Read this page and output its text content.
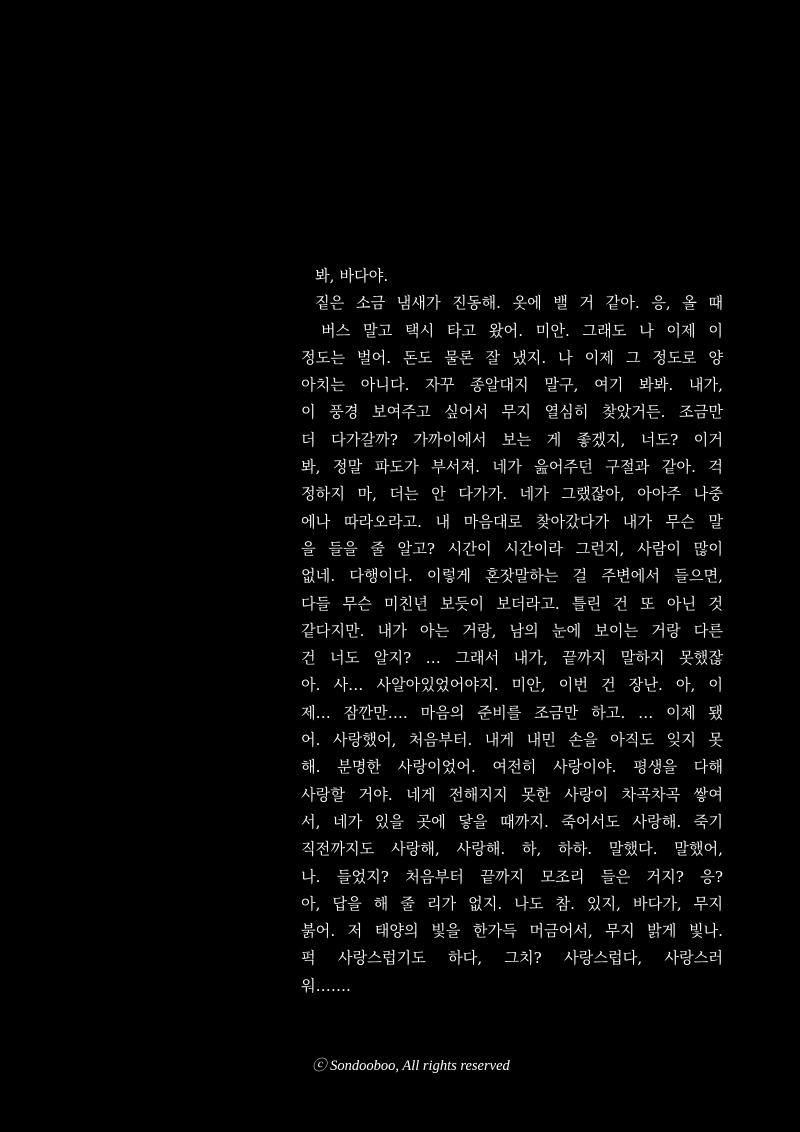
봐, 바다야.
짙은 소금 냄새가 진동해. 옷에 밸 거 같아. 응, 올 때
버스 말고 택시 타고 왔어. 미안. 그래도 나 이제 이
정도는 벌어. 돈도 물론 잘 냈지. 나 이제 그 정도로 양
아치는 아니다. 자꾸 종알대지 말구, 여기 봐봐. 내가,
이 풍경 보여주고 싶어서 무지 열심히 찾았거든. 조금만
더 다가갈까? 가까이에서 보는 게 좋겠지, 너도? 이거
봐, 정말 파도가 부서져. 네가 읊어주던 구절과 같아. 걱
정하지 마, 더는 안 다가가. 네가 그랬잖아, 아아주 나중
에나 따라오라고. 내 마음대로 찾아갔다가 내가 무슨 말
을 들을 줄 알고? 시간이 시간이라 그런지, 사람이 많이
없네. 다행이다. 이렇게 혼잣말하는 걸 주변에서 들으면,
다들 무슨 미친년 보듯이 보더라고. 틀린 건 또 아닌 것
같다지만. 내가 아는 거랑, 남의 눈에 보이는 거랑 다른
건 너도 알지? … 그래서 내가, 끝까지 말하지 못했잖
아. 사… 사알아있었어야지. 미안, 이번 건 장난. 아, 이
제… 잠깐만…. 마음의 준비를 조금만 하고. … 이제 됐
어. 사랑했어, 처음부터. 내게 내민 손을 아직도 잊지 못
해. 분명한 사랑이었어. 여전히 사랑이야. 평생을 다해
사랑할 거야. 네게 전해지지 못한 사랑이 차곡차곡 쌓여
서, 네가 있을 곳에 닿을 때까지. 죽어서도 사랑해. 죽기
직전까지도 사랑해, 사랑해. 하, 하하. 말했다. 말했어,
나. 들었지? 처음부터 끝까지 모조리 들은 거지? 응?
아, 답을 해 줄 리가 없지. 나도 참. 있지, 바다가, 무지
붉어. 저 태양의 빛을 한가득 머금어서, 무지 밝게 빛나.
퍽 사랑스럽기도 하다, 그치? 사랑스럽다, 사랑스러
워…….
ⓒ Sondooboo, All rights reserved
